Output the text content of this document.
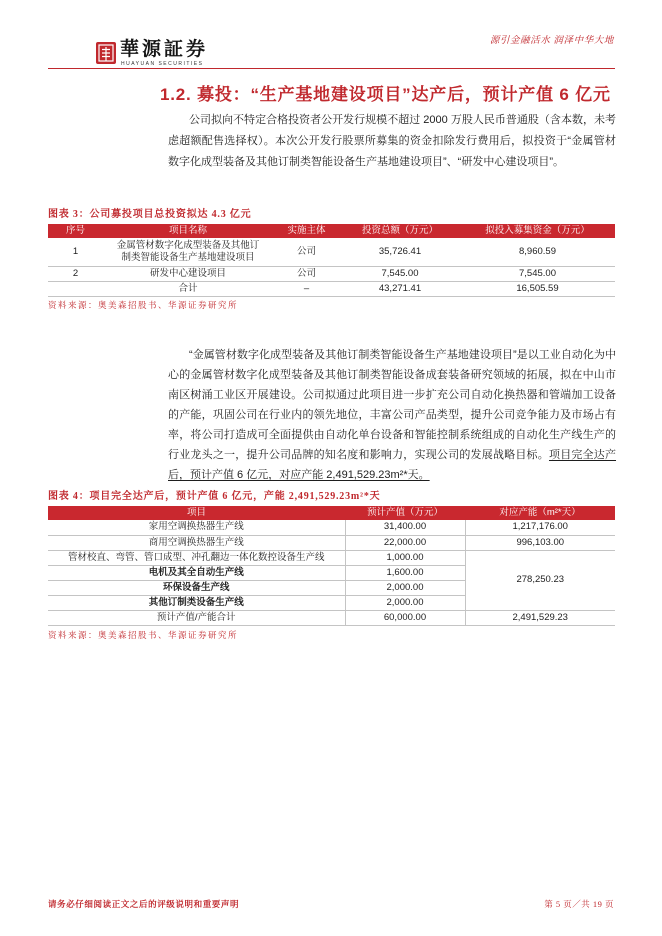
華源証券
HUAYUAN SECURITIES
源引金融活水 润泽中华大地
1.2. 募投：“生产基地建设项目”达产后，预计产值 6 亿元

公司拟向不特定合格投资者公开发行规模不超过 2000 万股人民币普通股（含本数，未考虑超额配售选择权）。本次公开发行股票所募集的资金扣除发行费用后，拟投资于“金属管材数字化成型装备及其他订制类智能设备生产基地建设项目”、“研发中心建设项目”。

图表 3：公司募投项目总投资拟达 4.3 亿元
序号	项目名称	实施主体	投资总额（万元）	拟投入募集资金（万元）
1	金属管材数字化成型装备及其他订制类智能设备生产基地建设项目	公司	35,726.41	8,960.59
2	研发中心建设项目	公司	7,545.00	7,545.00
	合计	–	43,271.41	16,505.59
资料来源：奥美森招股书、华源证券研究所

“金属管材数字化成型装备及其他订制类智能设备生产基地建设项目”是以工业自动化为中心的金属管材数字化成型装备及其他订制类智能设备成套装备研究领域的拓展，拟在中山市南区树涌工业区开展建设。公司拟通过此项目进一步扩充公司自动化换热器和管端加工设备的产能，巩固公司在行业内的领先地位，丰富公司产品类型，提升公司竞争能力及市场占有率，将公司打造成可全面提供由自动化单台设备和智能控制系统组成的自动化生产线生产的行业龙头之一，提升公司品牌的知名度和影响力，实现公司的发展战略目标。项目完全达产后，预计产值 6 亿元，对应产能 2,491,529.23m²*天。

图表 4：项目完全达产后，预计产值 6 亿元，产能 2,491,529.23m²*天
项目	预计产值（万元）	对应产能（m²*天）
家用空调换热器生产线	31,400.00	1,217,176.00
商用空调换热器生产线	22,000.00	996,103.00
管材校直、弯管、管口成型、冲孔翻边一体化数控设备生产线	1,000.00	278,250.23
电机及其全自动生产线	1,600.00	
环保设备生产线	2,000.00	
其他订制类设备生产线	2,000.00	
预计产值/产能合计	60,000.00	2,491,529.23
资料来源：奥美森招股书、华源证券研究所
请务必仔细阅读正文之后的评级说明和重要声明	第 5 页／共 19 页
